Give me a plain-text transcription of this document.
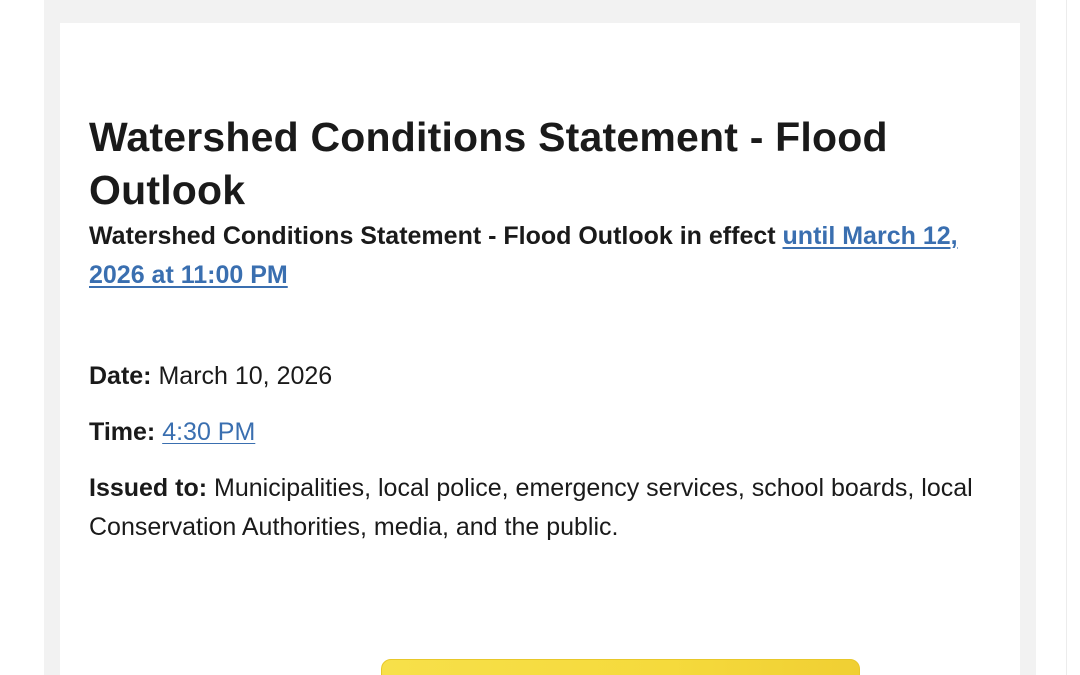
Watershed Conditions Statement - Flood Outlook

Watershed Conditions Statement - Flood Outlook in effect until March 12, 2026 at 11:00 PM

Date: March 10, 2026

Time: 4:30 PM

Issued to: Municipalities, local police, emergency services, school boards, local Conservation Authorities, media, and the public.
